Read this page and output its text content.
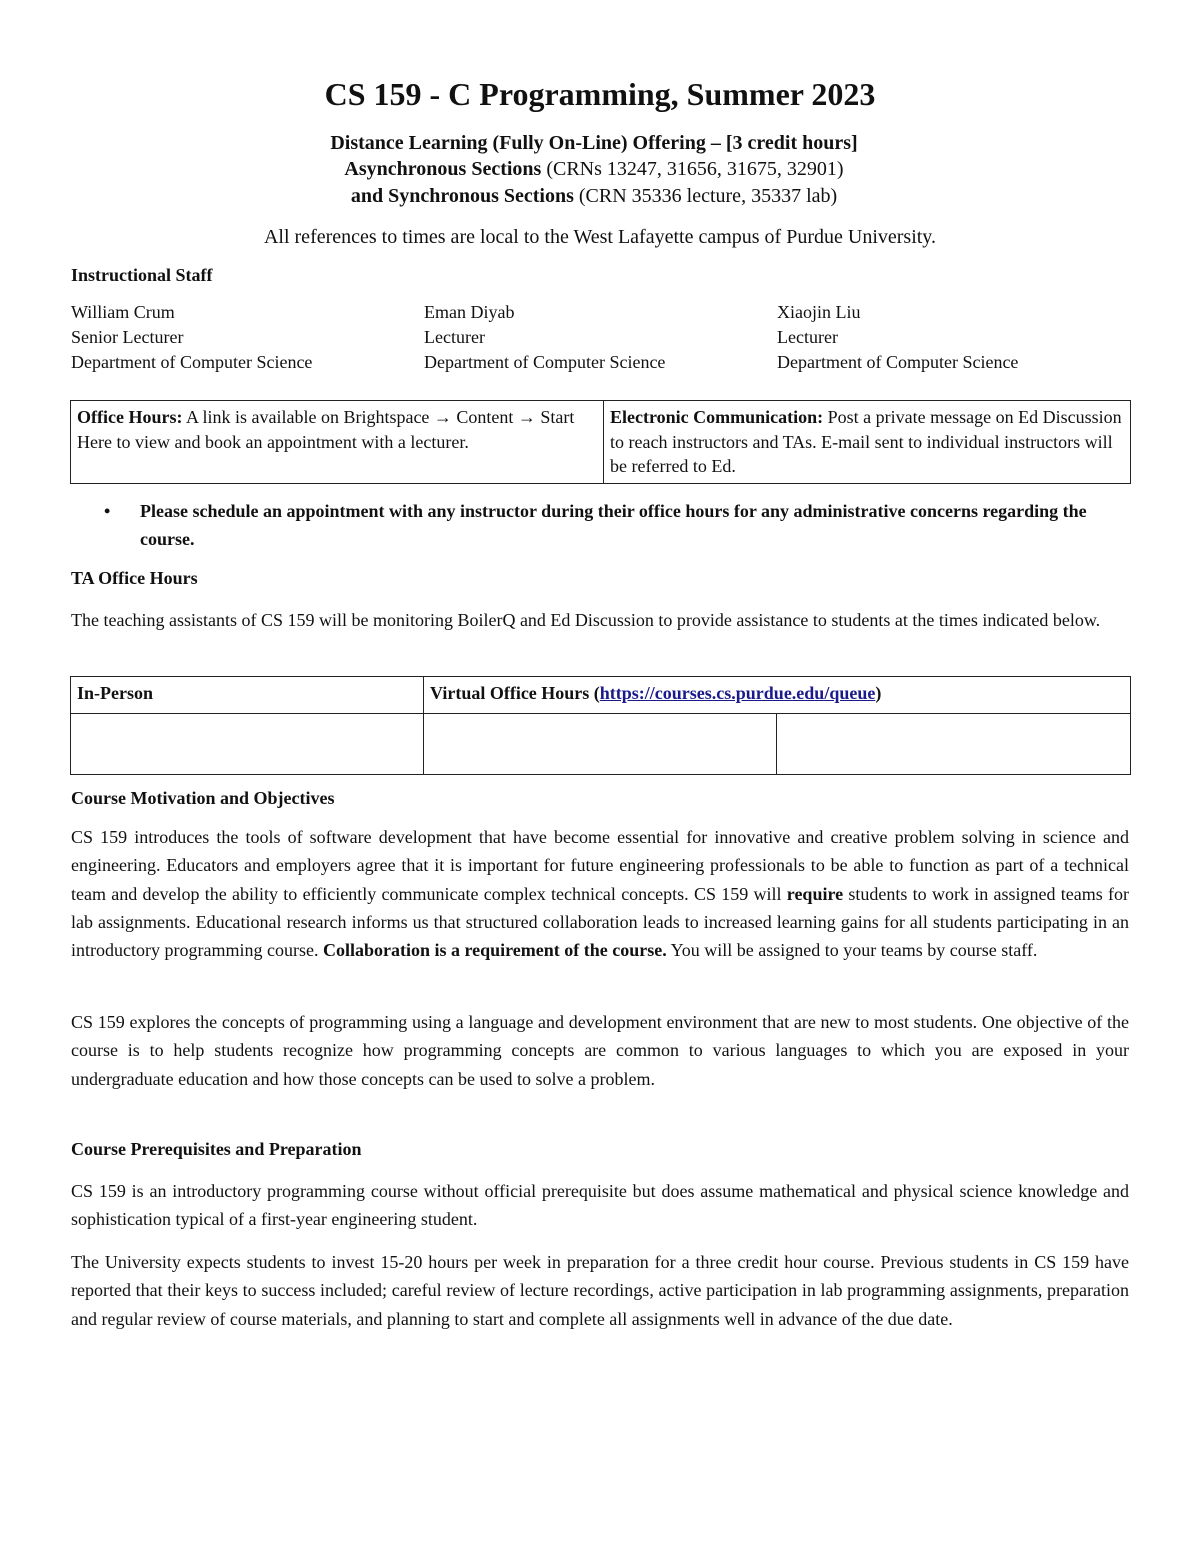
CS 159 - C Programming, Summer 2023
Distance Learning (Fully On-Line) Offering – [3 credit hours]
Asynchronous Sections (CRNs 13247, 31656, 31675, 32901)
and Synchronous Sections (CRN 35336 lecture, 35337 lab)
All references to times are local to the West Lafayette campus of Purdue University.
Instructional Staff
William Crum
Senior Lecturer
Department of Computer Science
Eman Diyab
Lecturer
Department of Computer Science
Xiaojin Liu
Lecturer
Department of Computer Science
Office Hours: A link is available on Brightspace → Content → Start Here to view and book an appointment with a lecturer.	Electronic Communication: Post a private message on Ed Discussion to reach instructors and TAs. E-mail sent to individual instructors will be referred to Ed.
• Please schedule an appointment with any instructor during their office hours for any administrative concerns regarding the course.
TA Office Hours
The teaching assistants of CS 159 will be monitoring BoilerQ and Ed Discussion to provide assistance to students at the times indicated below.
In-Person	Virtual Office Hours (https://courses.cs.purdue.edu/queue)	

Course Motivation and Objectives
CS 159 introduces the tools of software development that have become essential for innovative and creative problem solving in science and engineering. Educators and employers agree that it is important for future engineering professionals to be able to function as part of a technical team and develop the ability to efficiently communicate complex technical concepts. CS 159 will require students to work in assigned teams for lab assignments. Educational research informs us that structured collaboration leads to increased learning gains for all students participating in an introductory programming course. Collaboration is a requirement of the course. You will be assigned to your teams by course staff.
CS 159 explores the concepts of programming using a language and development environment that are new to most students. One objective of the course is to help students recognize how programming concepts are common to various languages to which you are exposed in your undergraduate education and how those concepts can be used to solve a problem.
Course Prerequisites and Preparation
CS 159 is an introductory programming course without official prerequisite but does assume mathematical and physical science knowledge and sophistication typical of a first-year engineering student.
The University expects students to invest 15-20 hours per week in preparation for a three credit hour course. Previous students in CS 159 have reported that their keys to success included; careful review of lecture recordings, active participation in lab programming assignments, preparation and regular review of course materials, and planning to start and complete all assignments well in advance of the due date.
